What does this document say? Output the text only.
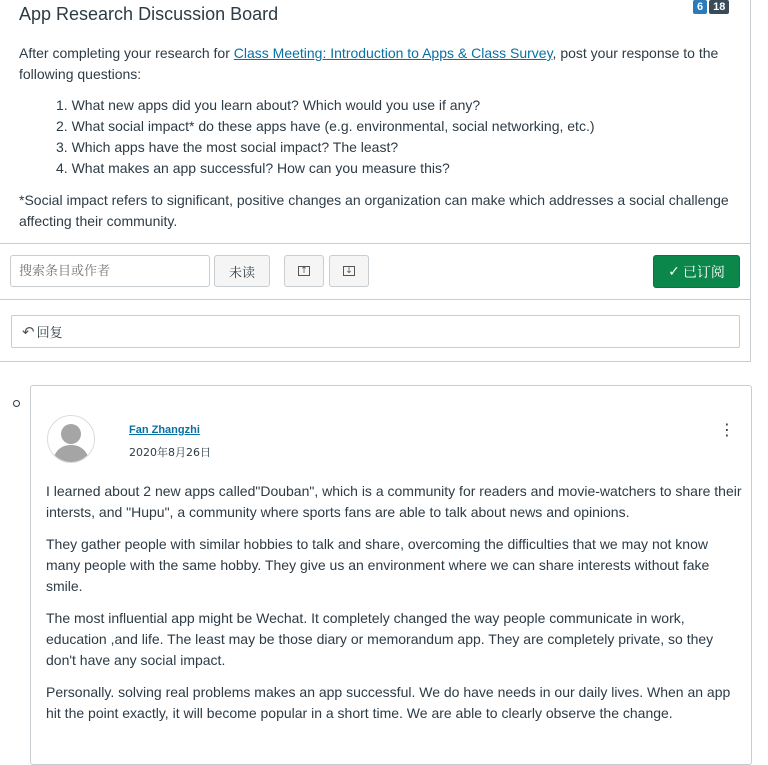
App Research Discussion Board	6 18
After completing your research for Class Meeting: Introduction to Apps & Class Survey, post your response to the following questions:
1. What new apps did you learn about? Which would you use if any?
2. What social impact* do these apps have (e.g. environmental, social networking, etc.)
3. Which apps have the most social impact? The least?
4. What makes an app successful? How can you measure this?
*Social impact refers to significant, positive changes an organization can make which addresses a social challenge affecting their community.
搜索条目或作者
未读	↑	↓	✓ 已订阅
↶ 回复
Fan Zhangzhi
2020年8月26日
⋮

I learned about 2 new apps called"Douban", which is a community for readers and movie-watchers to share their intersts, and "Hupu", a community where sports fans are able to talk about news and opinions.

They gather people with similar hobbies to talk and share, overcoming the difficulties that we may not know many people with the same hobby. They give us an environment where we can share interests without fake smile.

The most influential app might be Wechat. It completely changed the way people communicate in work, education ,and life. The least may be those diary or memorandum app. They are completely private, so they don't have any social impact.

Personally. solving real problems makes an app successful. We do have needs in our daily lives. When an app hit the point exactly, it will become popular in a short time. We are able to clearly observe the change.
